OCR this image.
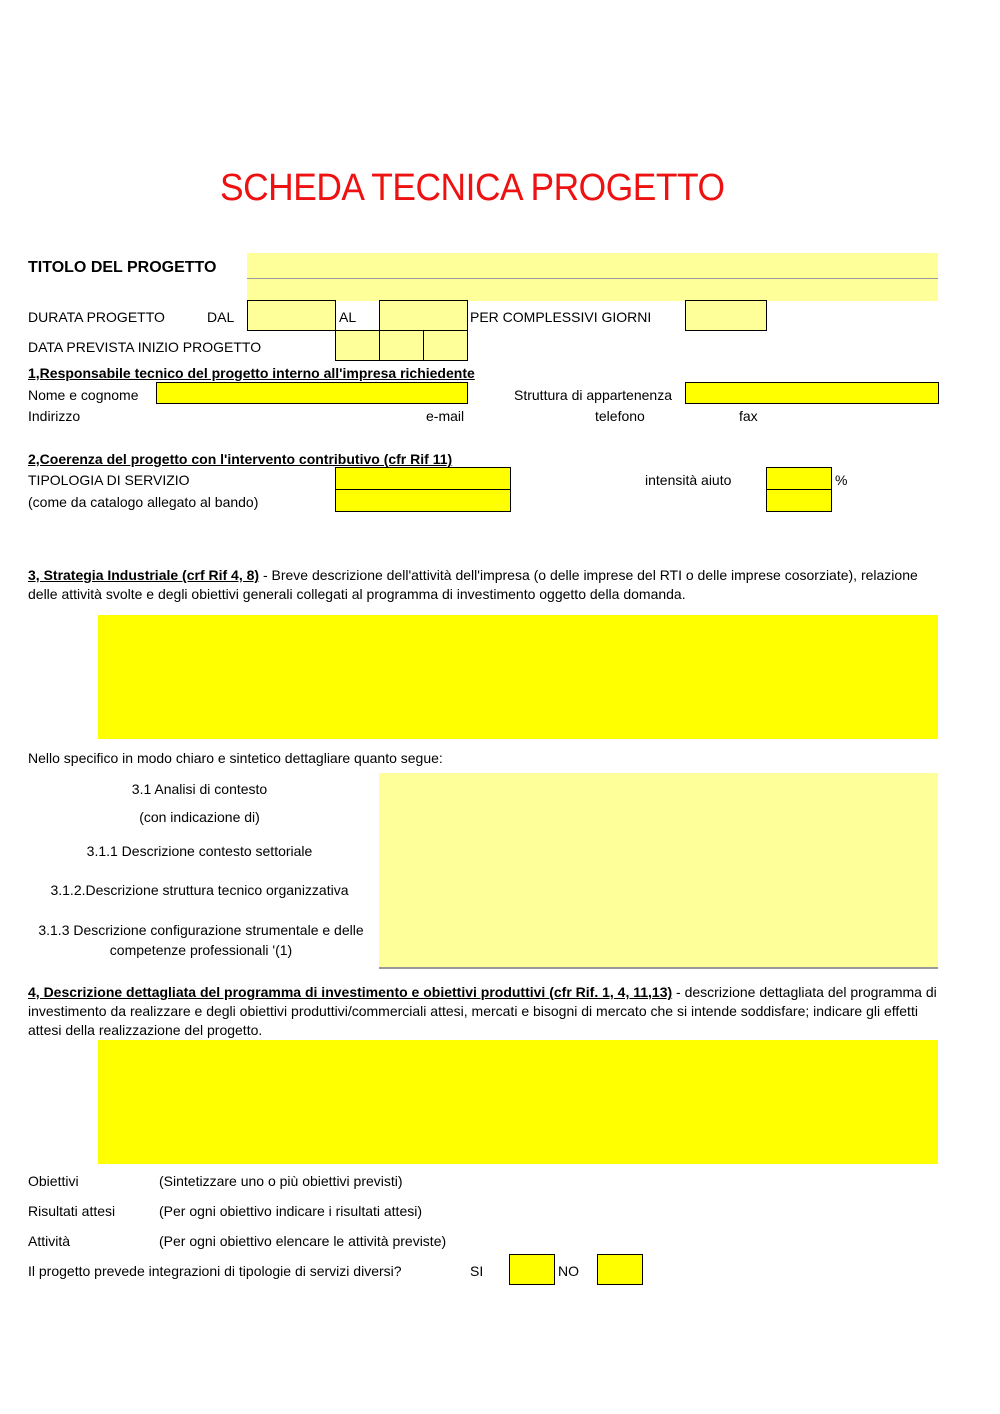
SCHEDA TECNICA PROGETTO
TITOLO DEL PROGETTO
DURATA PROGETTO	DAL	AL	PER COMPLESSIVI GIORNI
DATA PREVISTA INIZIO PROGETTO
1,Responsabile tecnico del progetto interno all'impresa richiedente
Nome e cognome	Struttura di appartenenza
Indirizzo	e-mail	telefono	fax
2,Coerenza del progetto con l'intervento contributivo (cfr Rif 11)
TIPOLOGIA DI SERVIZIO
(come da catalogo allegato al bando)
intensità aiuto	%
3, Strategia Industriale (crf Rif 4, 8) - Breve descrizione dell'attività dell'impresa (o delle imprese del RTI o delle imprese cosorziate), relazione delle attività svolte e degli obiettivi generali collegati al programma di investimento oggetto della domanda.
Nello specifico in modo chiaro e sintetico dettagliare quanto segue:
3.1 Analisi di contesto
(con indicazione di)
3.1.1 Descrizione contesto settoriale
3.1.2.Descrizione struttura tecnico organizzativa
3.1.3 Descrizione configurazione strumentale e delle competenze professionali '(1)
4, Descrizione dettagliata del programma di investimento e obiettivi produttivi (cfr Rif. 1, 4, 11,13) - descrizione dettagliata del programma di investimento da realizzare e degli obiettivi produttivi/commerciali attesi, mercati e bisogni di mercato che si intende soddisfare; indicare gli effetti attesi della realizzazione del progetto.
Obiettivi	(Sintetizzare uno o più obiettivi previsti)
Risultati attesi	(Per ogni obiettivo indicare i risultati attesi)
Attività	(Per ogni obiettivo elencare le attività previste)
Il progetto prevede integrazioni di tipologie di servizi diversi?	SI	NO
